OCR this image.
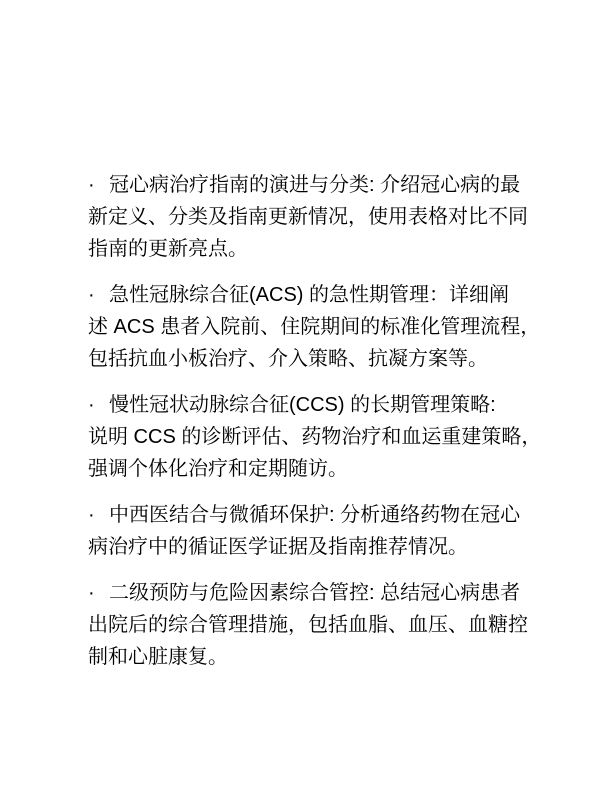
· 冠心病治疗指南的演进与分类: 介绍冠心病的最
新定义、分类及指南更新情况，使用表格对比不同
指南的更新亮点。
· 急性冠脉综合征(ACS) 的急性期管理：详细阐
述 ACS 患者入院前、住院期间的标准化管理流程，
包括抗血小板治疗、介入策略、抗凝方案等。
· 慢性冠状动脉综合征(CCS) 的长期管理策略:
说明 CCS 的诊断评估、药物治疗和血运重建策略，
强调个体化治疗和定期随访。
· 中西医结合与微循环保护: 分析通络药物在冠心
病治疗中的循证医学证据及指南推荐情况。
· 二级预防与危险因素综合管控: 总结冠心病患者
出院后的综合管理措施，包括血脂、血压、血糖控
制和心脏康复。
